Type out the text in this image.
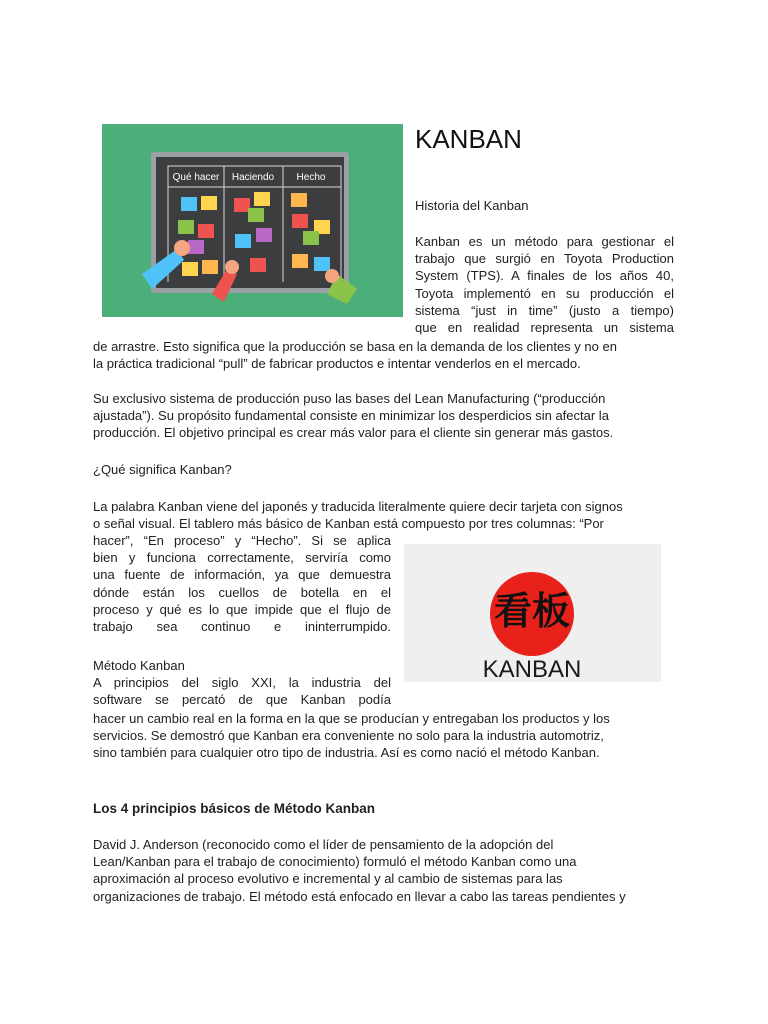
Qué hacer Haciendo Hecho
KANBAN

Historia del Kanban

Kanban es un método para gestionar el
trabajo que surgió en Toyota Production
System (TPS). A finales de los años 40,
Toyota implementó en su producción el
sistema “just in time” (justo a tiempo)
que en realidad representa un sistema

de arrastre. Esto significa que la producción se basa en la demanda de los clientes y no en
la práctica tradicional “pull” de fabricar productos e intentar venderlos en el mercado.

Su exclusivo sistema de producción puso las bases del Lean Manufacturing (“producción
ajustada”). Su propósito fundamental consiste en minimizar los desperdicios sin afectar la
producción. El objetivo principal es crear más valor para el cliente sin generar más gastos.

¿Qué significa Kanban?

La palabra Kanban viene del japonés y traducida literalmente quiere decir tarjeta con signos
o señal visual. El tablero más básico de Kanban está compuesto por tres columnas: “Por

hacer”, “En proceso” y “Hecho”. Si se aplica
bien y funciona correctamente, serviría como
una fuente de información, ya que demuestra
dónde están los cuellos de botella en el
proceso y qué es lo que impide que el flujo de
trabajo sea continuo e ininterrumpido.	看板
KANBAN

Método Kanban

A principios del siglo XXI, la industria del
software se percató de que Kanban podía

hacer un cambio real en la forma en la que se producían y entregaban los productos y los
servicios. Se demostró que Kanban era conveniente no solo para la industria automotriz,
sino también para cualquier otro tipo de industria. Así es como nació el método Kanban.

Los 4 principios básicos de Método Kanban

David J. Anderson (reconocido como el líder de pensamiento de la adopción del
Lean/Kanban para el trabajo de conocimiento) formuló el método Kanban como una
aproximación al proceso evolutivo e incremental y al cambio de sistemas para las
organizaciones de trabajo. El método está enfocado en llevar a cabo las tareas pendientes y
